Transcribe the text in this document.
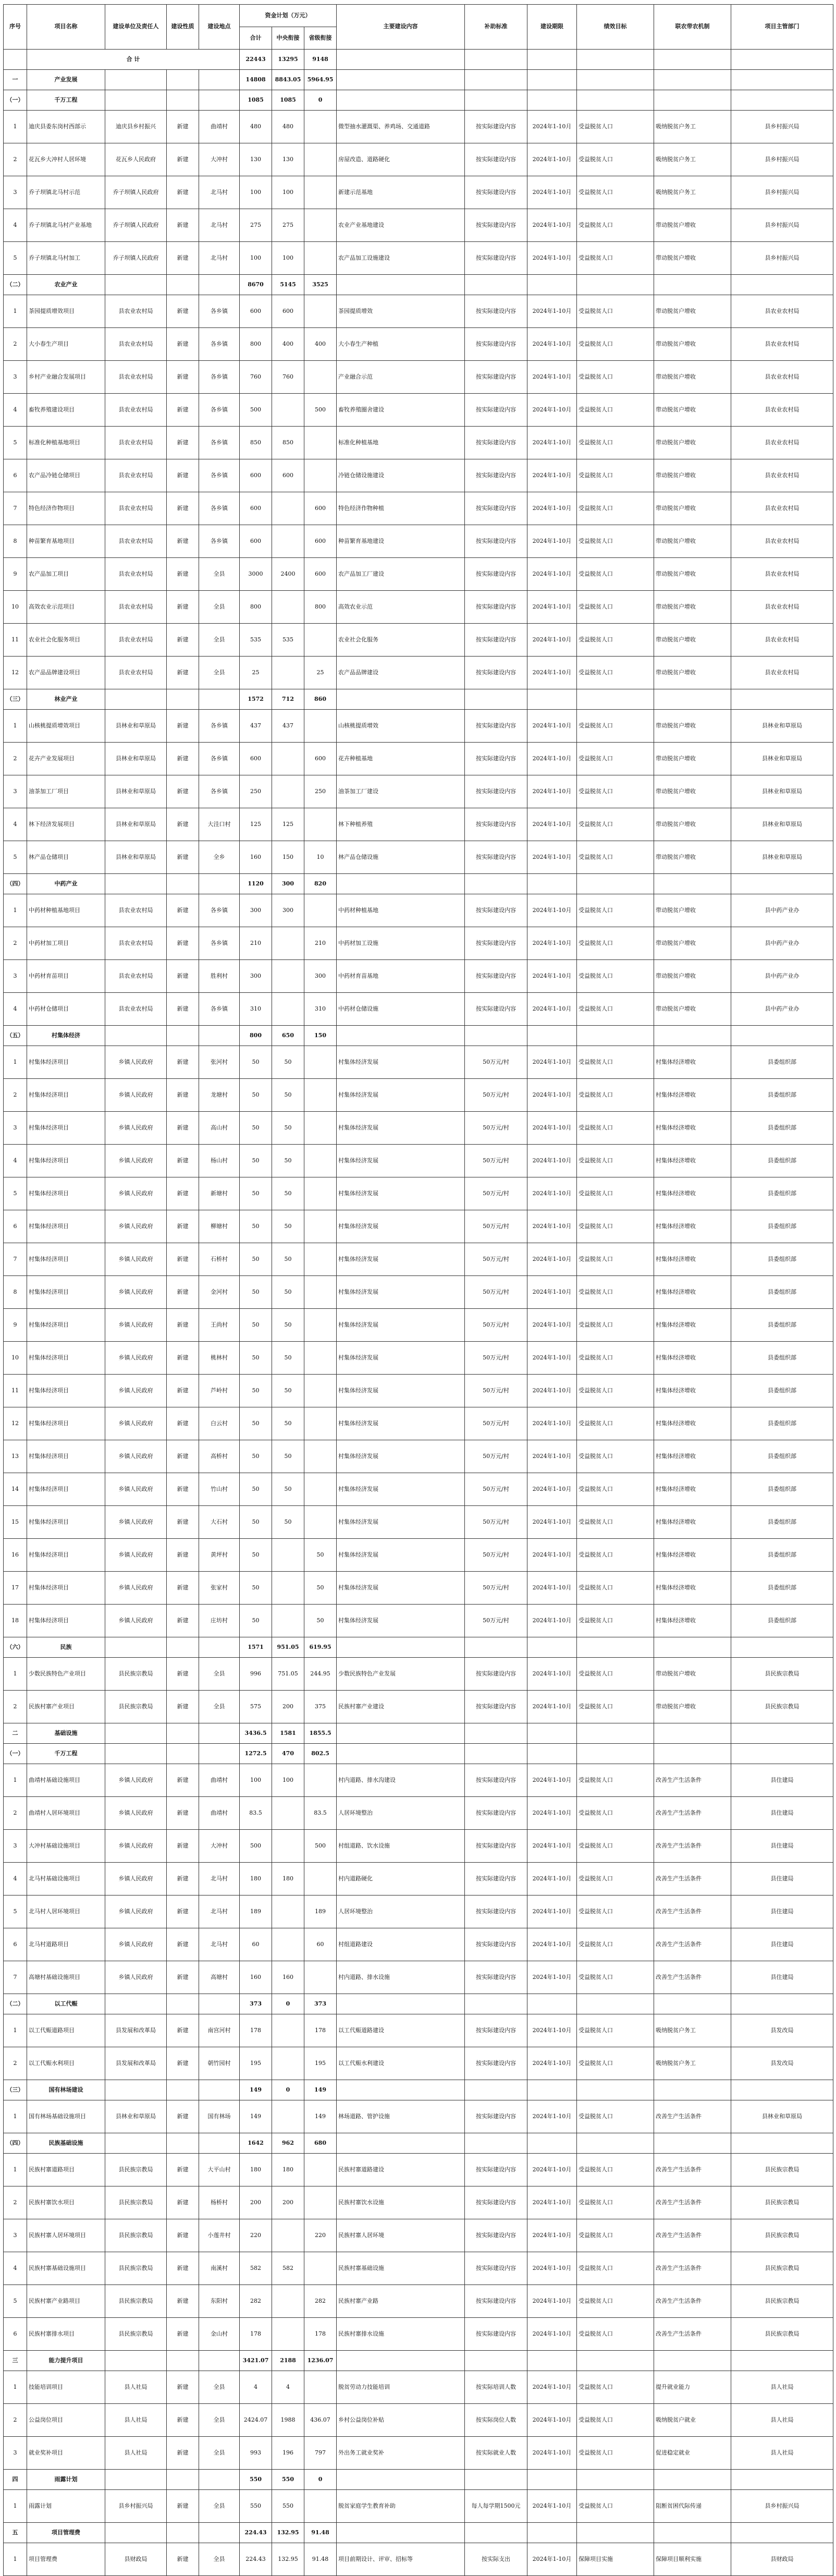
序号	项目名称	建设单位及责任人	建设性质	建设地点	资金计划（万元）			主要建设内容	补助标准	建设期限	绩效目标	联农带农机制	项目主管部门
					合计	中央衔接	省级衔接						
	合 计				22443	13295	9148						
一	产业发展				14808	8843.05	5964.95						
（一）	千万工程				1085	1085	0						
1	迪庆县委东岗村西部示	迪庆县乡村振兴	新建	曲靖村	480	480		微型抽水灌溉渠、养鸡场、交通道路	按实际建设内容	2024年1-10月	受益脱贫人口	吸纳脱贫户务工	县乡村振兴局
2	花瓦乡大冲村人居环境	花瓦乡人民政府	新建	大冲村	130	130		房屋改造、道路硬化	按实际建设内容	2024年1-10月	受益脱贫人口	吸纳脱贫户务工	县乡村振兴局
3	乔子坝镇北马村示范	乔子坝镇人民政府	新建	北马村	100	100		新建示范基地	按实际建设内容	2024年1-10月	受益脱贫人口	吸纳脱贫户务工	县乡村振兴局
4	乔子坝镇北马村产业基地	乔子坝镇人民政府	新建	北马村	275	275		农业产业基地建设	按实际建设内容	2024年1-10月	受益脱贫人口	带动脱贫户增收	县乡村振兴局
5	乔子坝镇北马村加工	乔子坝镇人民政府	新建	北马村	100	100		农产品加工设施建设	按实际建设内容	2024年1-10月	受益脱贫人口	带动脱贫户增收	县乡村振兴局
（二）	农业产业				8670	5145	3525						
1	茶园提质增效项目	县农业农村局	新建	各乡镇	600	600		茶园提质增效	按实际建设内容	2024年1-10月	受益脱贫人口	带动脱贫户增收	县农业农村局
2	大小春生产项目	县农业农村局	新建	各乡镇	800	400	400	大小春生产种植	按实际建设内容	2024年1-10月	受益脱贫人口	带动脱贫户增收	县农业农村局
3	乡村产业融合发展项目	县农业农村局	新建	各乡镇	760	760		产业融合示范	按实际建设内容	2024年1-10月	受益脱贫人口	带动脱贫户增收	县农业农村局
4	畜牧养殖建设项目	县农业农村局	新建	各乡镇	500		500	畜牧养殖圈舍建设	按实际建设内容	2024年1-10月	受益脱贫人口	带动脱贫户增收	县农业农村局
5	标准化种植基地项目	县农业农村局	新建	各乡镇	850	850		标准化种植基地	按实际建设内容	2024年1-10月	受益脱贫人口	带动脱贫户增收	县农业农村局
6	农产品冷链仓储项目	县农业农村局	新建	各乡镇	600	600		冷链仓储设施建设	按实际建设内容	2024年1-10月	受益脱贫人口	带动脱贫户增收	县农业农村局
7	特色经济作物项目	县农业农村局	新建	各乡镇	600		600	特色经济作物种植	按实际建设内容	2024年1-10月	受益脱贫人口	带动脱贫户增收	县农业农村局
8	种苗繁育基地项目	县农业农村局	新建	各乡镇	600		600	种苗繁育基地建设	按实际建设内容	2024年1-10月	受益脱贫人口	带动脱贫户增收	县农业农村局
9	农产品加工项目	县农业农村局	新建	全县	3000	2400	600	农产品加工厂建设	按实际建设内容	2024年1-10月	受益脱贫人口	带动脱贫户增收	县农业农村局
10	高效农业示范项目	县农业农村局	新建	全县	800		800	高效农业示范	按实际建设内容	2024年1-10月	受益脱贫人口	带动脱贫户增收	县农业农村局
11	农业社会化服务项目	县农业农村局	新建	全县	535	535		农业社会化服务	按实际建设内容	2024年1-10月	受益脱贫人口	带动脱贫户增收	县农业农村局
12	农产品品牌建设项目	县农业农村局	新建	全县	25		25	农产品品牌建设	按实际建设内容	2024年1-10月	受益脱贫人口	带动脱贫户增收	县农业农村局
（三）	林业产业				1572	712	860						
1	山核桃提质增效项目	县林业和草原局	新建	各乡镇	437	437		山核桃提质增效	按实际建设内容	2024年1-10月	受益脱贫人口	带动脱贫户增收	县林业和草原局
2	花卉产业发展项目	县林业和草原局	新建	各乡镇	600		600	花卉种植基地	按实际建设内容	2024年1-10月	受益脱贫人口	带动脱贫户增收	县林业和草原局
3	油茶加工厂项目	县林业和草原局	新建	各乡镇	250		250	油茶加工厂建设	按实际建设内容	2024年1-10月	受益脱贫人口	带动脱贫户增收	县林业和草原局
4	林下经济发展项目	县林业和草原局	新建	大洼口村	125	125		林下种植养殖	按实际建设内容	2024年1-10月	受益脱贫人口	带动脱贫户增收	县林业和草原局
5	林产品仓储项目	县林业和草原局	新建	全乡	160	150	10	林产品仓储设施	按实际建设内容	2024年1-10月	受益脱贫人口	带动脱贫户增收	县林业和草原局
（四）	中药产业				1120	300	820						
1	中药材种植基地项目	县农业农村局	新建	各乡镇	300	300		中药材种植基地	按实际建设内容	2024年1-10月	受益脱贫人口	带动脱贫户增收	县中药产业办
2	中药材加工项目	县农业农村局	新建	各乡镇	210		210	中药材加工设施	按实际建设内容	2024年1-10月	受益脱贫人口	带动脱贫户增收	县中药产业办
3	中药材育苗项目	县农业农村局	新建	胜利村	300		300	中药材育苗基地	按实际建设内容	2024年1-10月	受益脱贫人口	带动脱贫户增收	县中药产业办
4	中药材仓储项目	县农业农村局	新建	各乡镇	310		310	中药材仓储设施	按实际建设内容	2024年1-10月	受益脱贫人口	带动脱贫户增收	县中药产业办
（五）	村集体经济				800	650	150						
1	村集体经济项目	乡镇人民政府	新建	张河村	50	50		村集体经济发展	50万元/村	2024年1-10月	受益脱贫人口	村集体经济增收	县委组织部
2	村集体经济项目	乡镇人民政府	新建	龙塘村	50	50		村集体经济发展	50万元/村	2024年1-10月	受益脱贫人口	村集体经济增收	县委组织部
3	村集体经济项目	乡镇人民政府	新建	高山村	50	50		村集体经济发展	50万元/村	2024年1-10月	受益脱贫人口	村集体经济增收	县委组织部
4	村集体经济项目	乡镇人民政府	新建	杨山村	50	50		村集体经济发展	50万元/村	2024年1-10月	受益脱贫人口	村集体经济增收	县委组织部
5	村集体经济项目	乡镇人民政府	新建	新塘村	50	50		村集体经济发展	50万元/村	2024年1-10月	受益脱贫人口	村集体经济增收	县委组织部
6	村集体经济项目	乡镇人民政府	新建	柳塘村	50	50		村集体经济发展	50万元/村	2024年1-10月	受益脱贫人口	村集体经济增收	县委组织部
7	村集体经济项目	乡镇人民政府	新建	石桥村	50	50		村集体经济发展	50万元/村	2024年1-10月	受益脱贫人口	村集体经济增收	县委组织部
8	村集体经济项目	乡镇人民政府	新建	金河村	50	50		村集体经济发展	50万元/村	2024年1-10月	受益脱贫人口	村集体经济增收	县委组织部
9	村集体经济项目	乡镇人民政府	新建	王尚村	50	50		村集体经济发展	50万元/村	2024年1-10月	受益脱贫人口	村集体经济增收	县委组织部
10	村集体经济项目	乡镇人民政府	新建	桃林村	50	50		村集体经济发展	50万元/村	2024年1-10月	受益脱贫人口	村集体经济增收	县委组织部
11	村集体经济项目	乡镇人民政府	新建	芦岭村	50	50		村集体经济发展	50万元/村	2024年1-10月	受益脱贫人口	村集体经济增收	县委组织部
12	村集体经济项目	乡镇人民政府	新建	白云村	50	50		村集体经济发展	50万元/村	2024年1-10月	受益脱贫人口	村集体经济增收	县委组织部
13	村集体经济项目	乡镇人民政府	新建	高桥村	50	50		村集体经济发展	50万元/村	2024年1-10月	受益脱贫人口	村集体经济增收	县委组织部
14	村集体经济项目	乡镇人民政府	新建	竹山村	50	50		村集体经济发展	50万元/村	2024年1-10月	受益脱贫人口	村集体经济增收	县委组织部
15	村集体经济项目	乡镇人民政府	新建	大石村	50	50		村集体经济发展	50万元/村	2024年1-10月	受益脱贫人口	村集体经济增收	县委组织部
16	村集体经济项目	乡镇人民政府	新建	黄坪村	50		50	村集体经济发展	50万元/村	2024年1-10月	受益脱贫人口	村集体经济增收	县委组织部
17	村集体经济项目	乡镇人民政府	新建	张家村	50		50	村集体经济发展	50万元/村	2024年1-10月	受益脱贫人口	村集体经济增收	县委组织部
18	村集体经济项目	乡镇人民政府	新建	庄坊村	50		50	村集体经济发展	50万元/村	2024年1-10月	受益脱贫人口	村集体经济增收	县委组织部
（六）	民族				1571	951.05	619.95						
1	少数民族特色产业项目	县民族宗教局	新建	全县	996	751.05	244.95	少数民族特色产业发展	按实际建设内容	2024年1-10月	受益脱贫人口	带动脱贫户增收	县民族宗教局
2	民族村寨产业项目	县民族宗教局	新建	全县	575	200	375	民族村寨产业建设	按实际建设内容	2024年1-10月	受益脱贫人口	带动脱贫户增收	县民族宗教局
二	基础设施				3436.5	1581	1855.5						
（一）	千万工程				1272.5	470	802.5						
1	曲靖村基础设施项目	乡镇人民政府	新建	曲靖村	100	100		村内道路、排水沟建设	按实际建设内容	2024年1-10月	受益脱贫人口	改善生产生活条件	县住建局
2	曲靖村人居环境项目	乡镇人民政府	新建	曲靖村	83.5		83.5	人居环境整治	按实际建设内容	2024年1-10月	受益脱贫人口	改善生产生活条件	县住建局
3	大冲村基础设施项目	乡镇人民政府	新建	大冲村	500		500	村组道路、饮水设施	按实际建设内容	2024年1-10月	受益脱贫人口	改善生产生活条件	县住建局
4	北马村基础设施项目	乡镇人民政府	新建	北马村	180	180		村内道路硬化	按实际建设内容	2024年1-10月	受益脱贫人口	改善生产生活条件	县住建局
5	北马村人居环境项目	乡镇人民政府	新建	北马村	189		189	人居环境整治	按实际建设内容	2024年1-10月	受益脱贫人口	改善生产生活条件	县住建局
6	北马村道路项目	乡镇人民政府	新建	北马村	60		60	村组道路建设	按实际建设内容	2024年1-10月	受益脱贫人口	改善生产生活条件	县住建局
7	高塘村基础设施项目	乡镇人民政府	新建	高塘村	160	160		村内道路、排水设施	按实际建设内容	2024年1-10月	受益脱贫人口	改善生产生活条件	县住建局
（二）	以工代赈				373	0	373						
1	以工代赈道路项目	县发展和改革局	新建	南宫河村	178		178	以工代赈道路建设	按实际建设内容	2024年1-10月	受益脱贫人口	吸纳脱贫户务工	县发改局
2	以工代赈水利项目	县发展和改革局	新建	朝竹园村	195		195	以工代赈水利建设	按实际建设内容	2024年1-10月	受益脱贫人口	吸纳脱贫户务工	县发改局
（三）	国有林场建设				149	0	149						
1	国有林场基础设施项目	县林业和草原局	新建	国有林场	149		149	林场道路、管护设施	按实际建设内容	2024年1-10月	受益脱贫人口	改善生产生活条件	县林业和草原局
（四）	民族基础设施				1642	962	680						
1	民族村寨道路项目	县民族宗教局	新建	大平山村	180	180		民族村寨道路建设	按实际建设内容	2024年1-10月	受益脱贫人口	改善生产生活条件	县民族宗教局
2	民族村寨饮水项目	县民族宗教局	新建	杨桥村	200	200		民族村寨饮水设施	按实际建设内容	2024年1-10月	受益脱贫人口	改善生产生活条件	县民族宗教局
3	民族村寨人居环境项目	县民族宗教局	新建	小莲井村	220		220	民族村寨人居环境	按实际建设内容	2024年1-10月	受益脱贫人口	改善生产生活条件	县民族宗教局
4	民族村寨基础设施项目	县民族宗教局	新建	南溪村	582	582		民族村寨基础设施	按实际建设内容	2024年1-10月	受益脱贫人口	改善生产生活条件	县民族宗教局
5	民族村寨产业路项目	县民族宗教局	新建	东阳村	282		282	民族村寨产业路	按实际建设内容	2024年1-10月	受益脱贫人口	改善生产生活条件	县民族宗教局
6	民族村寨排水项目	县民族宗教局	新建	金山村	178		178	民族村寨排水设施	按实际建设内容	2024年1-10月	受益脱贫人口	改善生产生活条件	县民族宗教局
三	能力提升项目				3421.07	2188	1236.07						
1	技能培训项目	县人社局	新建	全县	4	4		脱贫劳动力技能培训	按实际培训人数	2024年1-10月	受益脱贫人口	提升就业能力	县人社局
2	公益岗位项目	县人社局	新建	全县	2424.07	1988	436.07	乡村公益岗位补贴	按实际岗位人数	2024年1-10月	受益脱贫人口	吸纳脱贫户就业	县人社局
3	就业奖补项目	县人社局	新建	全县	993	196	797	外出务工就业奖补	按实际就业人数	2024年1-10月	受益脱贫人口	促进稳定就业	县人社局
四	雨露计划				550	550	0						
1	雨露计划	县乡村振兴局	新建	全县	550	550		脱贫家庭学生教育补助	每人每学期1500元	2024年1-10月	受益脱贫人口	阻断贫困代际传递	县乡村振兴局
五	项目管理费				224.43	132.95	91.48						
1	项目管理费	县财政局	新建	全县	224.43	132.95	91.48	项目前期设计、评审、招标等	按实际支出	2024年1-10月	保障项目实施	保障项目顺利实施	县财政局
